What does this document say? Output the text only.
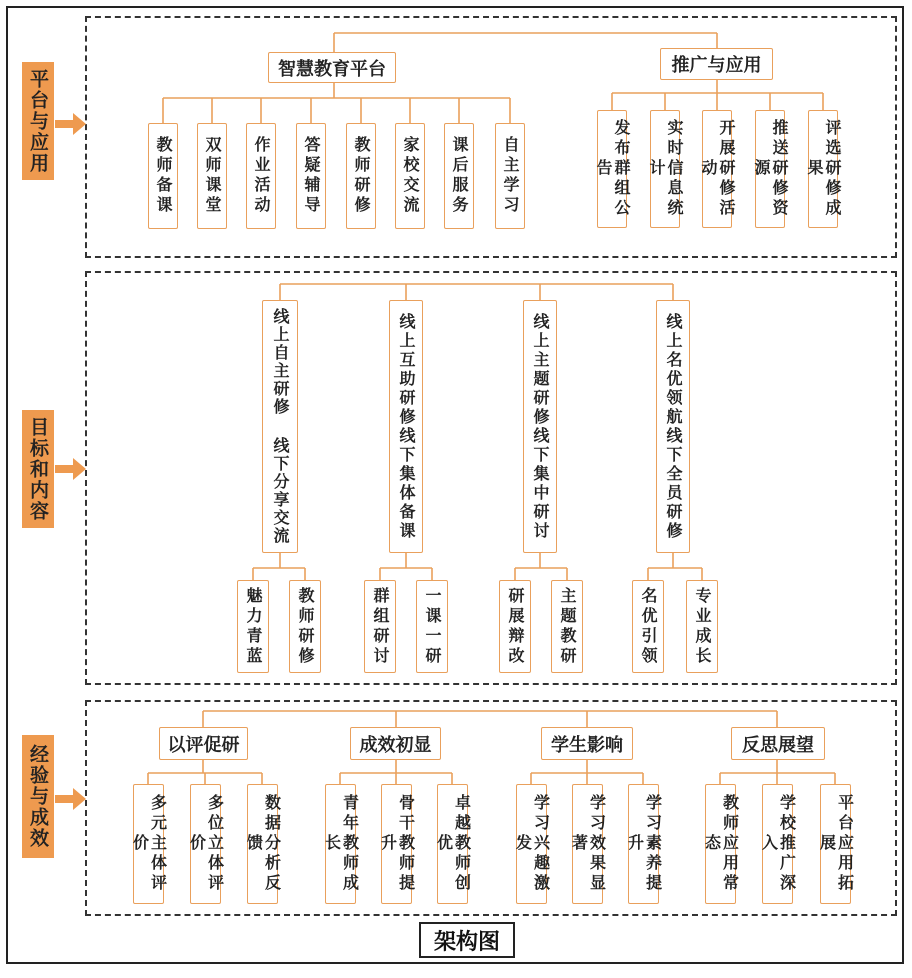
平台与应用
目标和内容
经验与成效
智慧教育平台	推广与应用
教师备课	双师课堂	作业活动	答疑辅导	教师研修	家校交流	课后服务	自主学习	发布群组公告	实时信息统计	开展研修活动	推送研修资源	评选研修成果
线上自主研修 线下分享交流	线上互助研修线下集体备课	线上主题研修线下集中研讨	线上名优领航线下全员研修
魅力青蓝	教师研修	群组研讨	一课一研	研展辩改	主题教研	名优引领	专业成长
以评促研	成效初显	学生影响	反思展望
多元主体评价	多位立体评价	数据分析反馈	青年教师成长	骨干教师提升	卓越教师创优	学习兴趣激发	学习效果显著	学习素养提升	教师应用常态	学校推广深入	平台应用拓展
架构图
